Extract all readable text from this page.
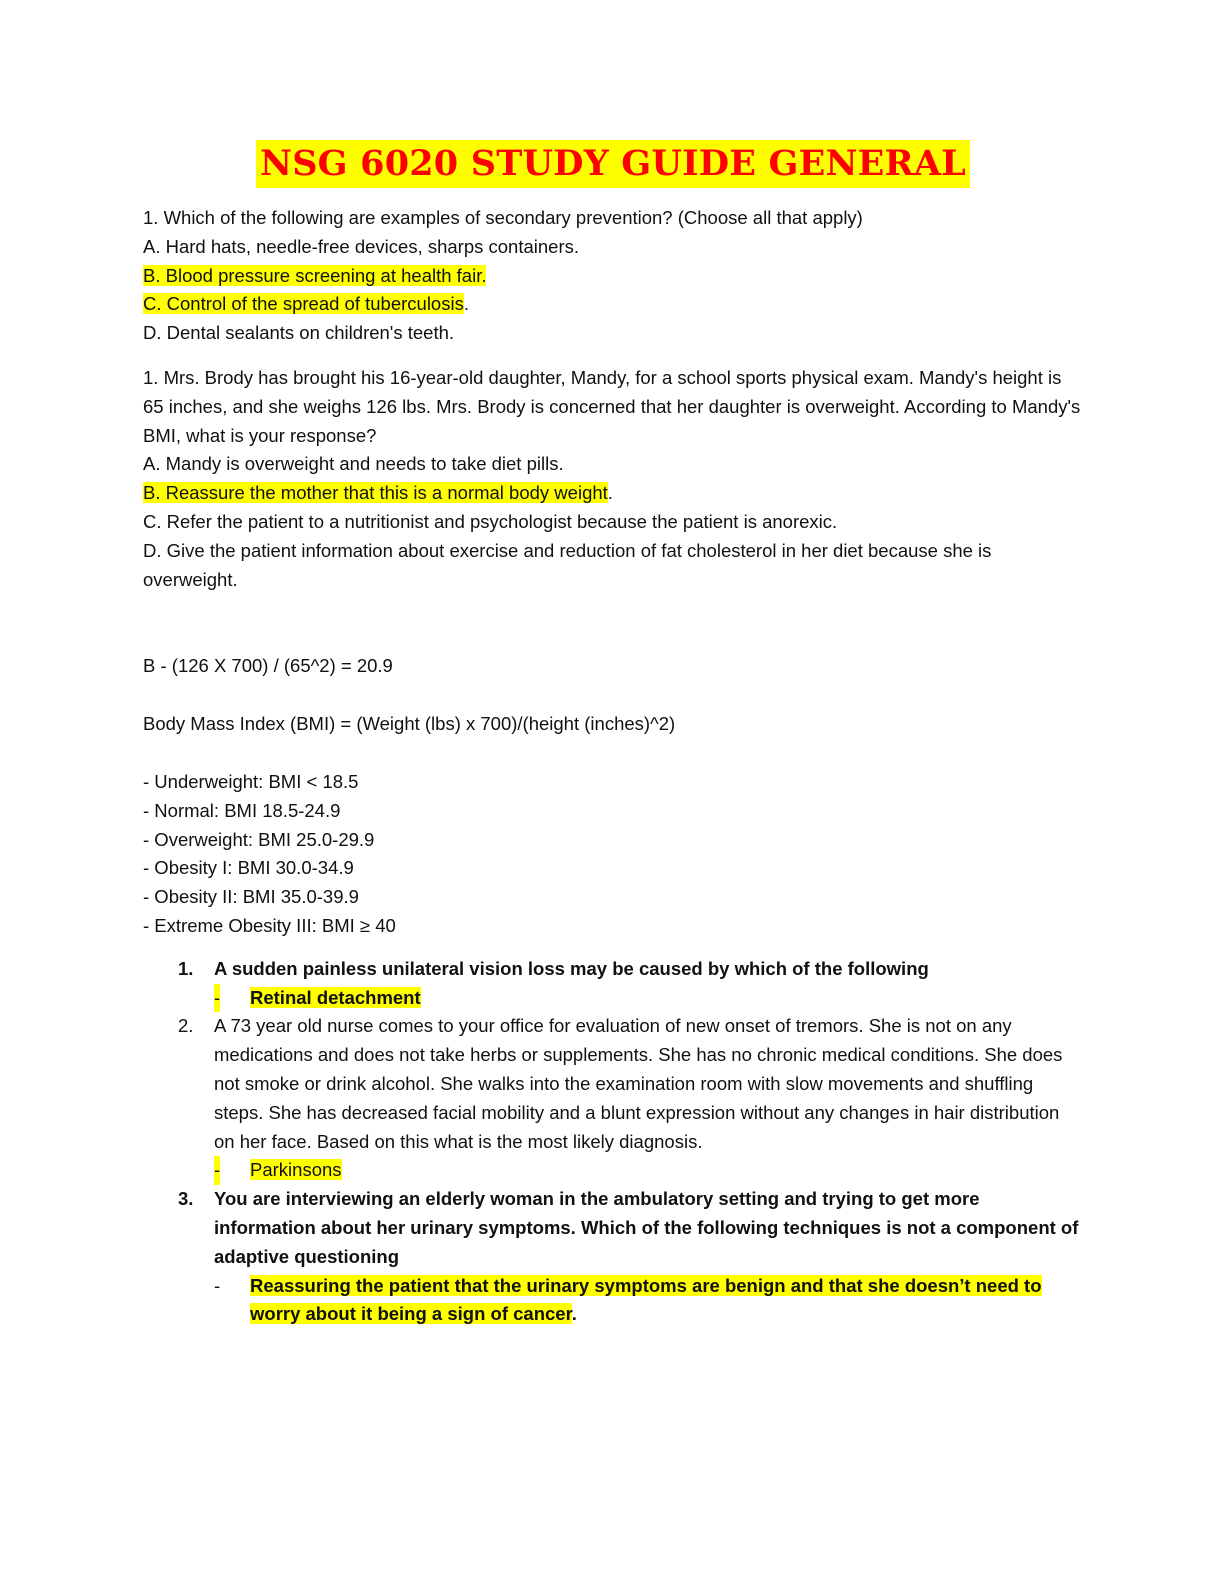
NSG 6020 STUDY GUIDE GENERAL
1. Which of the following are examples of secondary prevention? (Choose all that apply)
A. Hard hats, needle-free devices, sharps containers.
B. Blood pressure screening at health fair.
C. Control of the spread of tuberculosis.
D. Dental sealants on children's teeth.
1. Mrs. Brody has brought his 16-year-old daughter, Mandy, for a school sports physical exam. Mandy's height is 65 inches, and she weighs 126 lbs. Mrs. Brody is concerned that her daughter is overweight. According to Mandy's BMI, what is your response?
A. Mandy is overweight and needs to take diet pills.
B. Reassure the mother that this is a normal body weight.
C. Refer the patient to a nutritionist and psychologist because the patient is anorexic.
D. Give the patient information about exercise and reduction of fat cholesterol in her diet because she is overweight.
B - (126 X 700) / (65^2) = 20.9
Body Mass Index (BMI) = (Weight (lbs) x 700)/(height (inches)^2)
- Underweight: BMI < 18.5
- Normal: BMI 18.5-24.9
- Overweight: BMI 25.0-29.9
- Obesity I: BMI 30.0-34.9
- Obesity II: BMI 35.0-39.9
- Extreme Obesity III: BMI ≥ 40
1. A sudden painless unilateral vision loss may be caused by which of the following
- Retinal detachment
2. A 73 year old nurse comes to your office for evaluation of new onset of tremors. She is not on any medications and does not take herbs or supplements. She has no chronic medical conditions. She does not smoke or drink alcohol. She walks into the examination room with slow movements and shuffling steps. She has decreased facial mobility and a blunt expression without any changes in hair distribution on her face. Based on this what is the most likely diagnosis.
- Parkinsons
3. You are interviewing an elderly woman in the ambulatory setting and trying to get more information about her urinary symptoms. Which of the following techniques is not a component of adaptive questioning
- Reassuring the patient that the urinary symptoms are benign and that she doesn’t need to worry about it being a sign of cancer.
